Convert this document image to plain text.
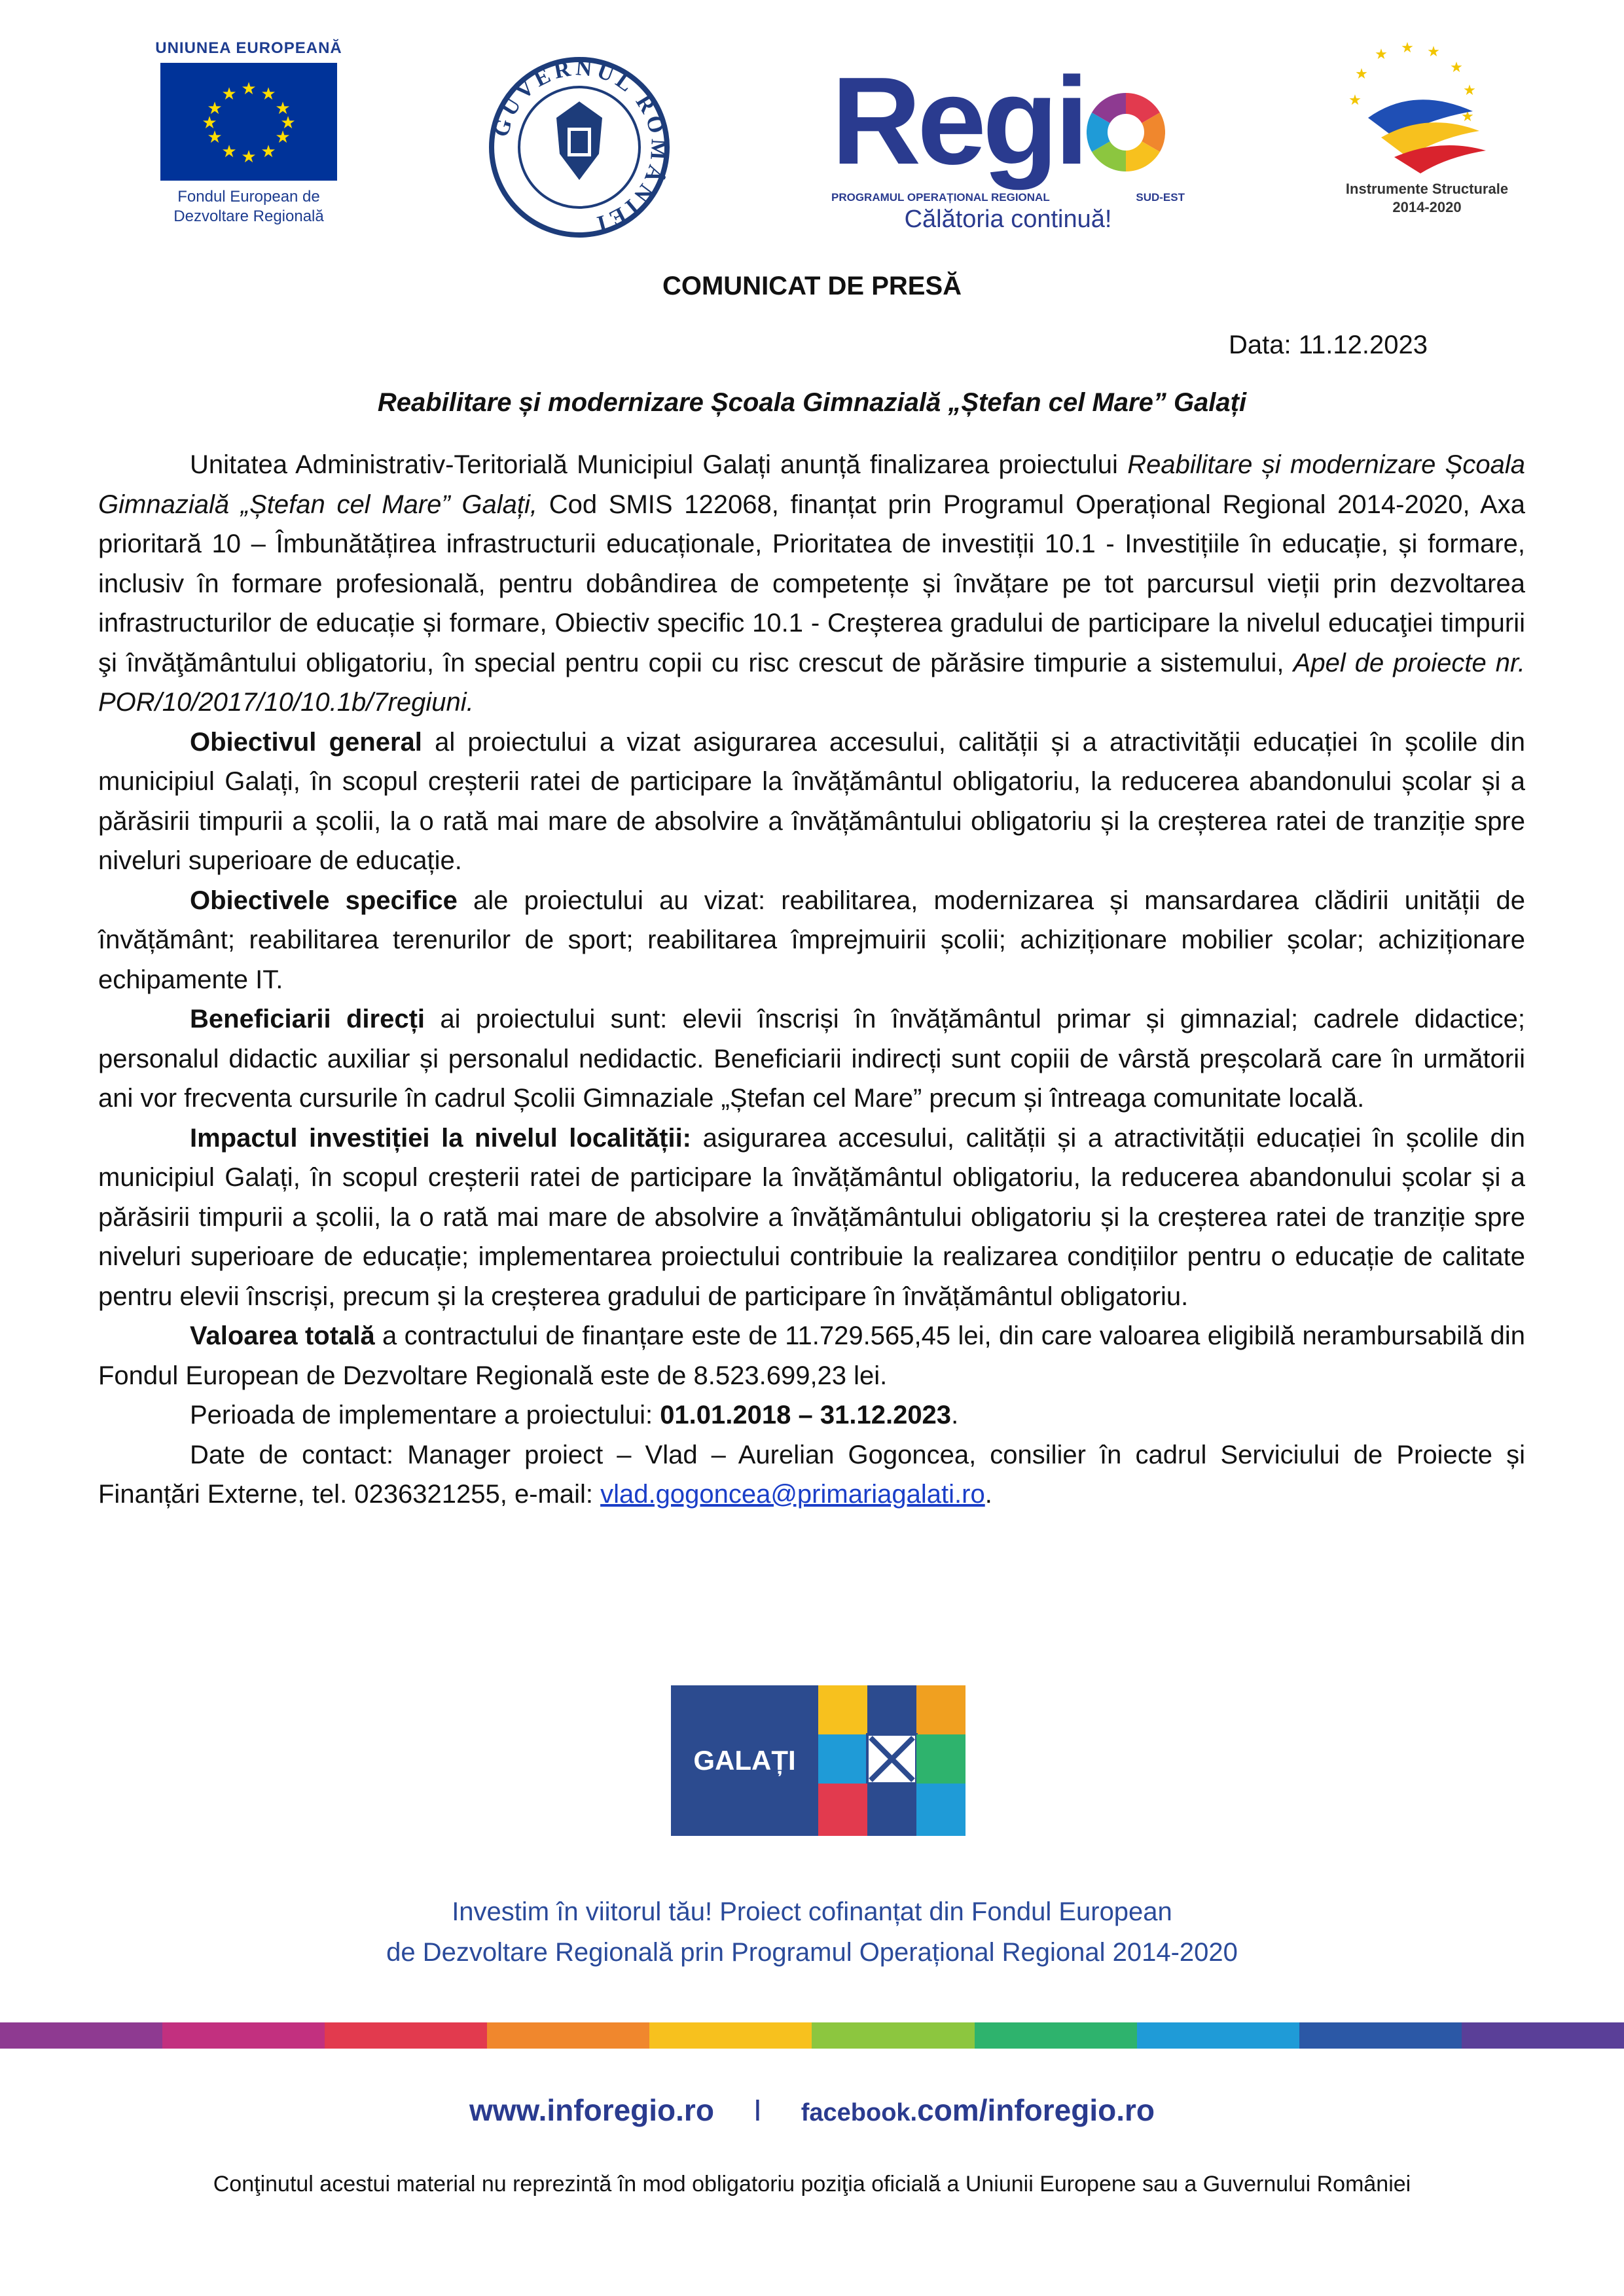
UNIUNEA EUROPEANĂ
★ ★
★
★
★
★
★
★
★
★
★
★
Fondul European de
Dezvoltare Regională
GUVERNUL ROMÂNIEI
Regi
PROGRAMUL OPERAȚIONAL REGIONAL	SUD-EST
Călătoria continuă!
★ ★ ★
★
★
★
★
★
Instrumente Structurale
2014-2020
COMUNICAT DE PRESĂ
Data: 11.12.2023
Reabilitare și modernizare Școala Gimnazială „Ștefan cel Mare” Galați

Unitatea Administrativ-Teritorială Municipiul Galați anunță finalizarea proiectului Reabilitare și modernizare Școala Gimnazială „Ștefan cel Mare” Galați, Cod SMIS 122068, finanțat prin Programul Operațional Regional 2014-2020, Axa prioritară 10 – Îmbunătățirea infrastructurii educaționale, Prioritatea de investiții 10.1 - Investițiile în educație, și formare, inclusiv în formare profesională, pentru dobândirea de competențe și învățare pe tot parcursul vieții prin dezvoltarea infrastructurilor de educație și formare, Obiectiv specific 10.1 - Creșterea gradului de participare la nivelul educaţiei timpurii şi învăţământului obligatoriu, în special pentru copii cu risc crescut de părăsire timpurie a sistemului, Apel de proiecte nr. POR/10/2017/10/10.1b/7regiuni.

Obiectivul general al proiectului a vizat asigurarea accesului, calității și a atractivității educației în școlile din municipiul Galați, în scopul creșterii ratei de participare la învățământul obligatoriu, la reducerea abandonului școlar și a părăsirii timpurii a școlii, la o rată mai mare de absolvire a învățământului obligatoriu și la creșterea ratei de tranziție spre niveluri superioare de educație.

Obiectivele specifice ale proiectului au vizat: reabilitarea, modernizarea și mansardarea clădirii unității de învățământ; reabilitarea terenurilor de sport; reabilitarea împrejmuirii școlii; achiziționare mobilier școlar; achiziționare echipamente IT.

Beneficiarii direcți ai proiectului sunt: elevii înscriși în învățământul primar și gimnazial; cadrele didactice; personalul didactic auxiliar și personalul nedidactic. Beneficiarii indirecți sunt copiii de vârstă preșcolară care în următorii ani vor frecventa cursurile în cadrul Școlii Gimnaziale „Ștefan cel Mare” precum și întreaga comunitate locală.

Impactul investiției la nivelul localității: asigurarea accesului, calității și a atractivității educației în școlile din municipiul Galați, în scopul creșterii ratei de participare la învățământul obligatoriu, la reducerea abandonului școlar și a părăsirii timpurii a școlii, la o rată mai mare de absolvire a învățământului obligatoriu și la creșterea ratei de tranziție spre niveluri superioare de educație; implementarea proiectului contribuie la realizarea condițiilor pentru o educație de calitate pentru elevii înscriși, precum și la creșterea gradului de participare în învățământul obligatoriu.

Valoarea totală a contractului de finanțare este de 11.729.565,45 lei, din care valoarea eligibilă nerambursabilă din Fondul European de Dezvoltare Regională este de 8.523.699,23 lei.

Perioada de implementare a proiectului: 01.01.2018 – 31.12.2023.

Date de contact: Manager proiect – Vlad – Aurelian Gogoncea, consilier în cadrul Serviciului de Proiecte și Finanțări Externe, tel. 0236321255, e-mail: vlad.gogoncea@primariagalati.ro.

GALAȚI
Investim în viitorul tău! Proiect cofinanțat din Fondul European
de Dezvoltare Regională prin Programul Operațional Regional 2014-2020
www.inforegio.ro I facebook.com/inforegio.ro
Conţinutul acestui material nu reprezintă în mod obligatoriu poziţia oficială a Uniunii Europene sau a Guvernului României
